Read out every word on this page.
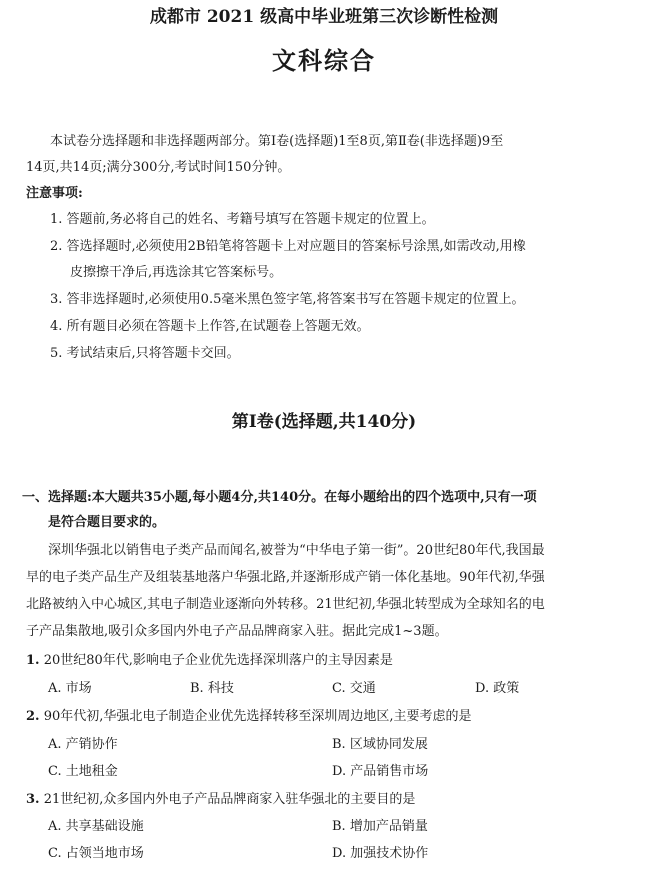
成都市 2021 级高中毕业班第三次诊断性检测
文科综合
本试卷分选择题和非选择题两部分。第Ⅰ卷(选择题)1至8页,第Ⅱ卷(非选择题)9至
14页,共14页;满分300分,考试时间150分钟。
注意事项:
1. 答题前,务必将自己的姓名、考籍号填写在答题卡规定的位置上。
2. 答选择题时,必须使用2B铅笔将答题卡上对应题目的答案标号涂黑,如需改动,用橡
皮擦擦干净后,再选涂其它答案标号。
3. 答非选择题时,必须使用0.5毫米黑色签字笔,将答案书写在答题卡规定的位置上。
4. 所有题目必须在答题卡上作答,在试题卷上答题无效。
5. 考试结束后,只将答题卡交回。
第Ⅰ卷(选择题,共140分)
一、选择题:本大题共35小题,每小题4分,共140分。在每小题给出的四个选项中,只有一项
是符合题目要求的。
深圳华强北以销售电子类产品而闻名,被誉为“中华电子第一街”。20世纪80年代,我国最
早的电子类产品生产及组装基地落户华强北路,并逐渐形成产销一体化基地。90年代初,华强
北路被纳入中心城区,其电子制造业逐渐向外转移。21世纪初,华强北转型成为全球知名的电
子产品集散地,吸引众多国内外电子产品品牌商家入驻。据此完成1~3题。
1. 20世纪80年代,影响电子企业优先选择深圳落户的主导因素是
A. 市场	B. 科技	C. 交通	D. 政策
2. 90年代初,华强北电子制造企业优先选择转移至深圳周边地区,主要考虑的是
A. 产销协作	B. 区域协同发展
C. 土地租金	D. 产品销售市场
3. 21世纪初,众多国内外电子产品品牌商家入驻华强北的主要目的是
A. 共享基础设施	B. 增加产品销量
C. 占领当地市场	D. 加强技术协作
